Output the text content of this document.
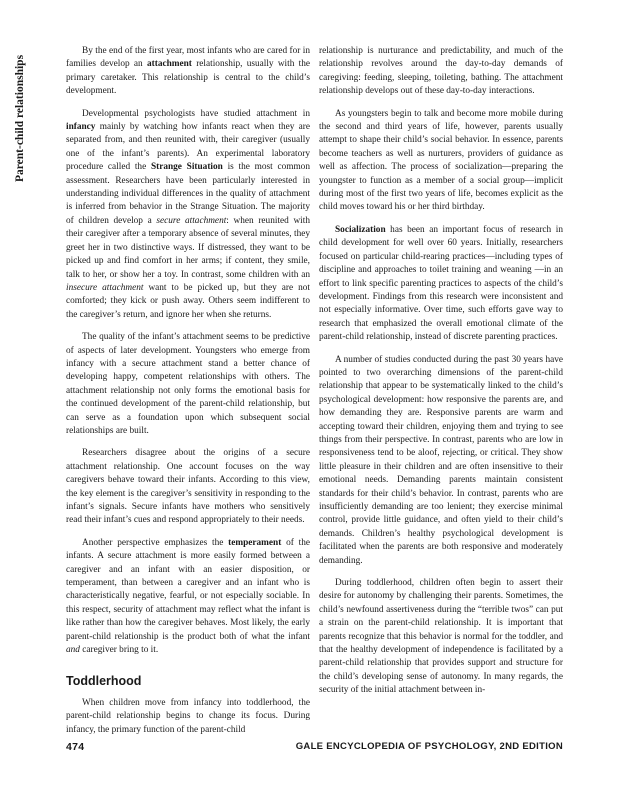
Parent-child relationships

By the end of the first year, most infants who are cared for in families develop an attachment relationship, usually with the primary caretaker. This relationship is central to the child’s development.

Developmental psychologists have studied attachment in infancy mainly by watching how infants react when they are separated from, and then reunited with, their caregiver (usually one of the infant’s parents). An experimental laboratory procedure called the Strange Situation is the most common assessment. Researchers have been particularly interested in understanding individual differences in the quality of attachment is inferred from behavior in the Strange Situation. The majority of children develop a secure attachment: when reunited with their caregiver after a temporary absence of several minutes, they greet her in two distinctive ways. If distressed, they want to be picked up and find comfort in her arms; if content, they smile, talk to her, or show her a toy. In contrast, some children with an insecure attachment want to be picked up, but they are not comforted; they kick or push away. Others seem indifferent to the caregiver’s return, and ignore her when she returns.

The quality of the infant’s attachment seems to be predictive of aspects of later development. Youngsters who emerge from infancy with a secure attachment stand a better chance of developing happy, competent relationships with others. The attachment relationship not only forms the emotional basis for the continued development of the parent-child relationship, but can serve as a foundation upon which subsequent social relationships are built.

Researchers disagree about the origins of a secure attachment relationship. One account focuses on the way caregivers behave toward their infants. According to this view, the key element is the caregiver’s sensitivity in responding to the infant’s signals. Secure infants have mothers who sensitively read their infant’s cues and respond appropriately to their needs.

Another perspective emphasizes the temperament of the infants. A secure attachment is more easily formed between a caregiver and an infant with an easier disposition, or temperament, than between a caregiver and an infant who is characteristically negative, fearful, or not especially sociable. In this respect, security of attachment may reflect what the infant is like rather than how the caregiver behaves. Most likely, the early parent-child relationship is the product both of what the infant and caregiver bring to it.

Toddlerhood

When children move from infancy into toddlerhood, the parent-child relationship begins to change its focus. During infancy, the primary function of the parent-child

relationship is nurturance and predictability, and much of the relationship revolves around the day-to-day demands of caregiving: feeding, sleeping, toileting, bathing. The attachment relationship develops out of these day-to-day interactions.

As youngsters begin to talk and become more mobile during the second and third years of life, however, parents usually attempt to shape their child’s social behavior. In essence, parents become teachers as well as nurturers, providers of guidance as well as affection. The process of socialization—preparing the youngster to function as a member of a social group—implicit during most of the first two years of life, becomes explicit as the child moves toward his or her third birthday.

Socialization has been an important focus of research in child development for well over 60 years. Initially, researchers focused on particular child-rearing practices—including types of discipline and approaches to toilet training and weaning —in an effort to link specific parenting practices to aspects of the child’s development. Findings from this research were inconsistent and not especially informative. Over time, such efforts gave way to research that emphasized the overall emotional climate of the parent-child relationship, instead of discrete parenting practices.

A number of studies conducted during the past 30 years have pointed to two overarching dimensions of the parent-child relationship that appear to be systematically linked to the child’s psychological development: how responsive the parents are, and how demanding they are. Responsive parents are warm and accepting toward their children, enjoying them and trying to see things from their perspective. In contrast, parents who are low in responsiveness tend to be aloof, rejecting, or critical. They show little pleasure in their children and are often insensitive to their emotional needs. Demanding parents maintain consistent standards for their child’s behavior. In contrast, parents who are insufficiently demanding are too lenient; they exercise minimal control, provide little guidance, and often yield to their child’s demands. Children’s healthy psychological development is facilitated when the parents are both responsive and moderately demanding.

During toddlerhood, children often begin to assert their desire for autonomy by challenging their parents. Sometimes, the child’s newfound assertiveness during the “terrible twos” can put a strain on the parent-child relationship. It is important that parents recognize that this behavior is normal for the toddler, and that the healthy development of independence is facilitated by a parent-child relationship that provides support and structure for the child’s developing sense of autonomy. In many regards, the security of the initial attachment between in-

474	GALE ENCYCLOPEDIA OF PSYCHOLOGY, 2ND EDITION
